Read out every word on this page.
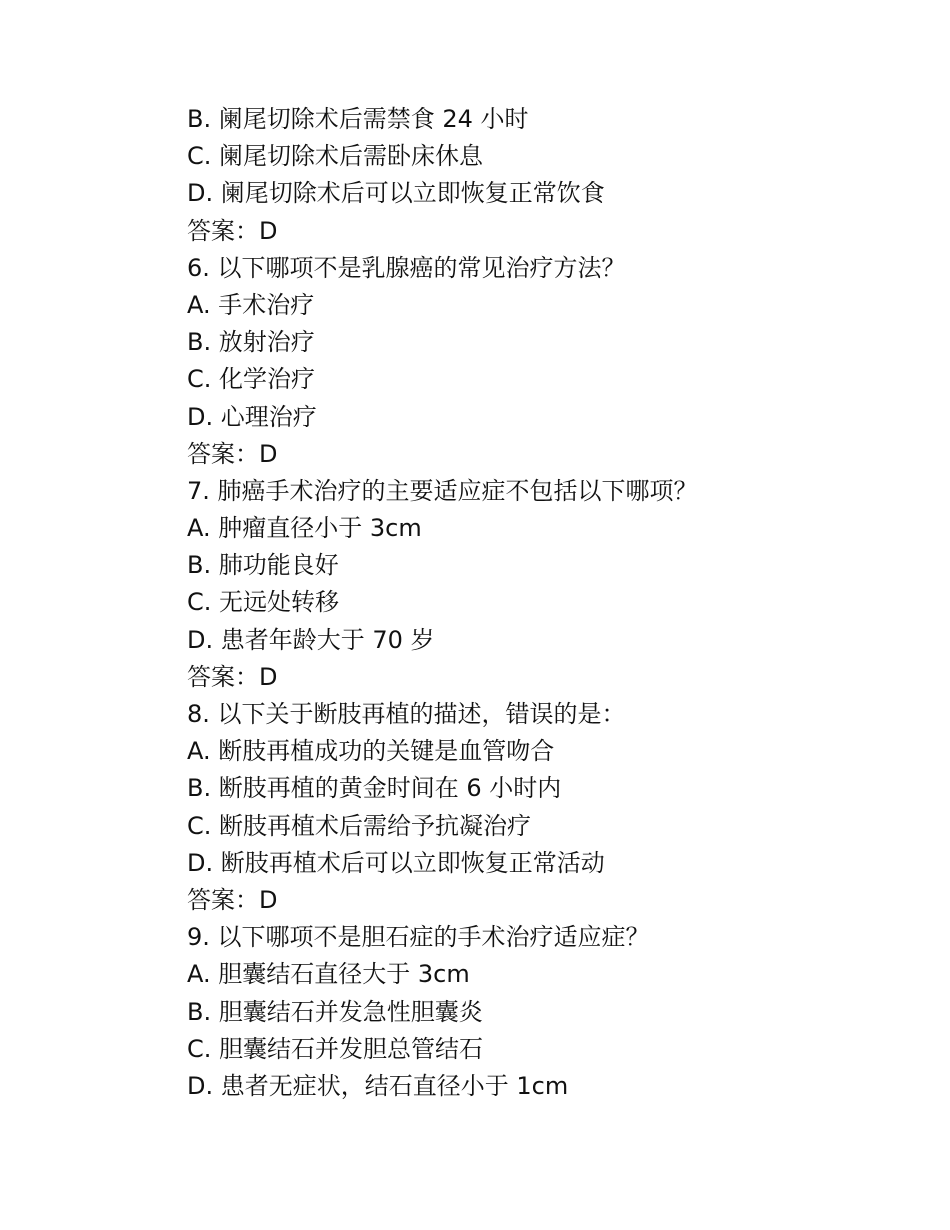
B. 阑尾切除术后需禁食 24 小时

C. 阑尾切除术后需卧床休息

D. 阑尾切除术后可以立即恢复正常饮食

答案：D

6. 以下哪项不是乳腺癌的常见治疗方法？

A. 手术治疗

B. 放射治疗

C. 化学治疗

D. 心理治疗

答案：D

7. 肺癌手术治疗的主要适应症不包括以下哪项？

A. 肿瘤直径小于 3cm

B. 肺功能良好

C. 无远处转移

D. 患者年龄大于 70 岁

答案：D

8. 以下关于断肢再植的描述，错误的是：

A. 断肢再植成功的关键是血管吻合

B. 断肢再植的黄金时间在 6 小时内

C. 断肢再植术后需给予抗凝治疗

D. 断肢再植术后可以立即恢复正常活动

答案：D

9. 以下哪项不是胆石症的手术治疗适应症？

A. 胆囊结石直径大于 3cm

B. 胆囊结石并发急性胆囊炎

C. 胆囊结石并发胆总管结石

D. 患者无症状，结石直径小于 1cm
